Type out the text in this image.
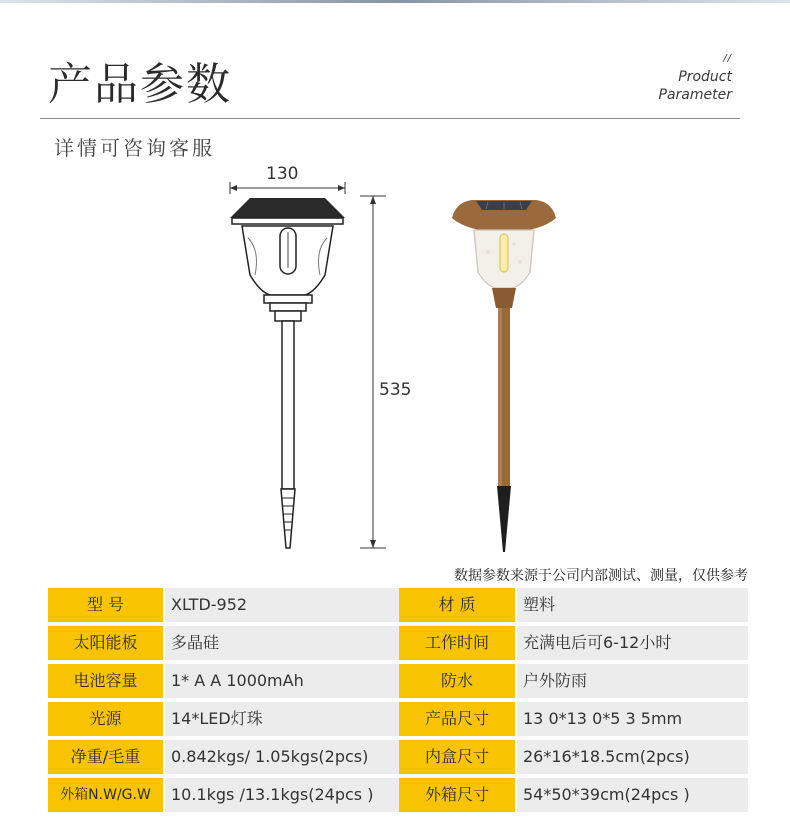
产品参数
//
Product
Parameter
详情可咨询客服
130
535
数据参数来源于公司内部测试、测量，仅供参考
型 号	XLTD-952	材 质	塑料
太阳能板	多晶硅	工作时间	充满电后可6-12小时
电池容量	1* A A 1000mAh	防水	户外防雨
光源	14*LED灯珠	产品尺寸	13 0*13 0*5 3 5mm
净重/毛重	0.842kgs/ 1.05kgs(2pcs)	内盒尺寸	26*16*18.5cm(2pcs)
外箱N.W/G.W	10.1kgs /13.1kgs(24pcs )	外箱尺寸	54*50*39cm(24pcs )
